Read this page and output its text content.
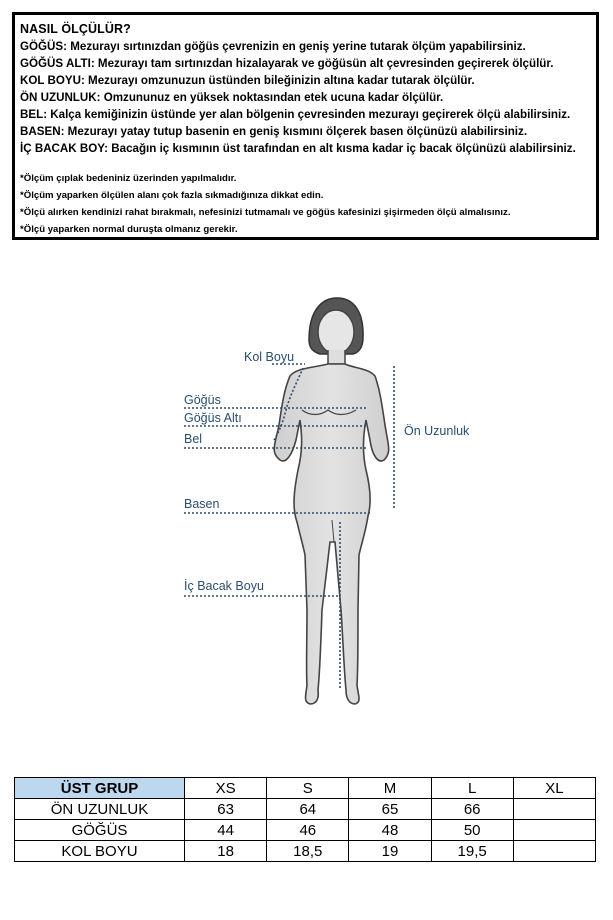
NASIL ÖLÇÜLÜR?
GÖĞÜS: Mezurayı sırtınızdan göğüs çevrenizin en geniş yerine tutarak ölçüm yapabilirsiniz.
GÖĞÜS ALTI: Mezurayı tam sırtınızdan hizalayarak ve göğüsün alt çevresinden geçirerek ölçülür.
KOL BOYU: Mezurayı omzunuzun üstünden bileğinizin altına kadar tutarak ölçülür.
ÖN UZUNLUK: Omzununuz en yüksek noktasından etek ucuna kadar ölçülür.
BEL: Kalça kemiğinizin üstünde yer alan bölgenin çevresinden mezurayı geçirerek ölçü alabilirsiniz.
BASEN: Mezurayı yatay tutup basenin en geniş kısmını ölçerek basen ölçünüzü alabilirsiniz.
İÇ BACAK BOY: Bacağın iç kısmının üst tarafından en alt kısma kadar iç bacak ölçünüzü alabilirsiniz.
*Ölçüm çıplak bedeniniz üzerinden yapılmalıdır.
*Ölçüm yaparken ölçülen alanı çok fazla sıkmadığınıza dikkat edin.
*Ölçü alırken kendinizi rahat bırakmalı, nefesinizi tutmamalı ve göğüs kafesinizi şişirmeden ölçü almalısınız.
*Ölçü yaparken normal duruşta olmanız gerekir.
Kol Boyu
Göğüs
Göğüs Altı
Bel
Basen
İç Bacak Boyu
Ön Uzunluk
ÜST GRUP	XS	S	M	L	XL
ÖN UZUNLUK	63	64	65	66	
GÖĞÜS	44	46	48	50	
KOL BOYU	18	18,5	19	19,5	
